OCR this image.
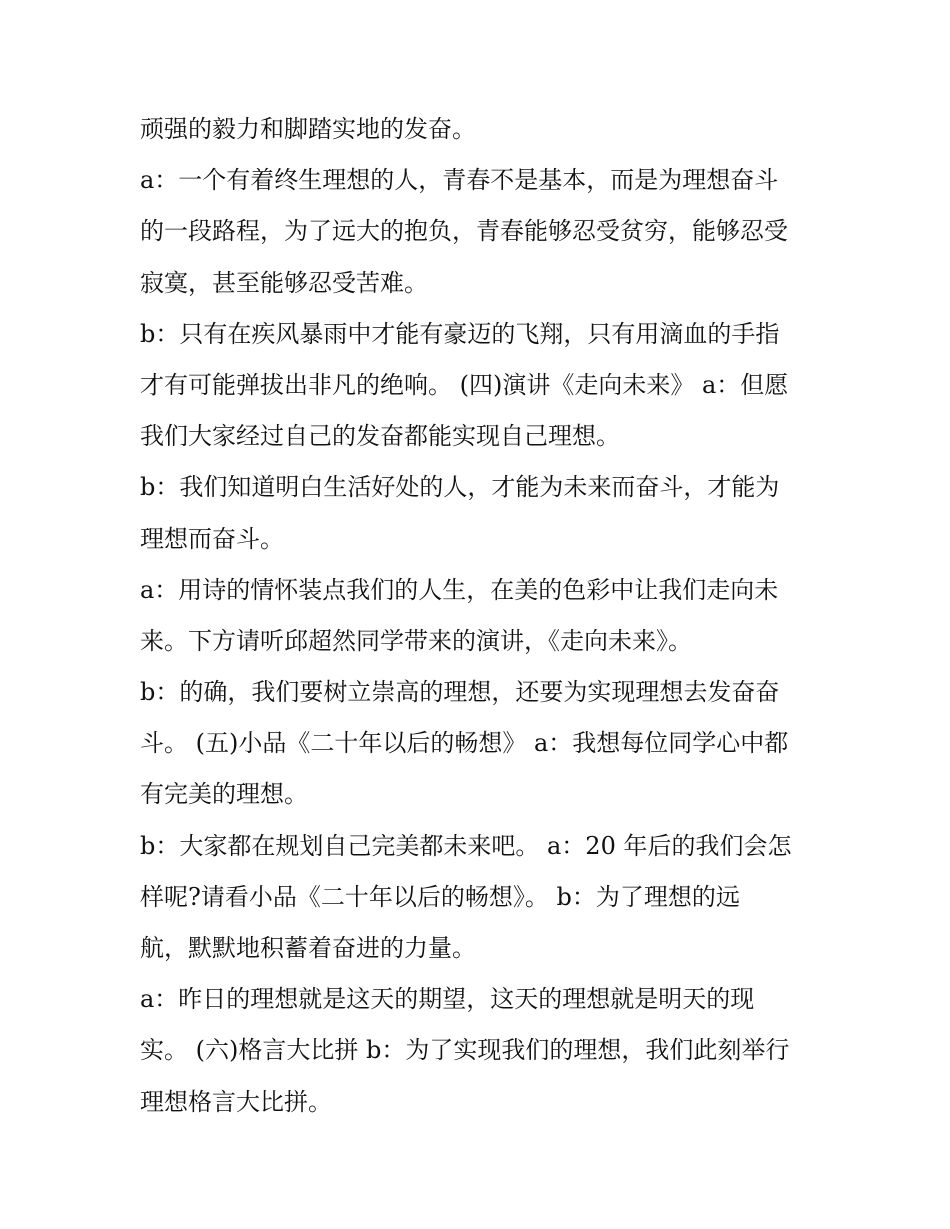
顽强的毅力和脚踏实地的发奋。
a：一个有着终生理想的人，青春不是基本，而是为理想奋斗
的一段路程，为了远大的抱负，青春能够忍受贫穷，能够忍受
寂寞，甚至能够忍受苦难。
b：只有在疾风暴雨中才能有豪迈的飞翔，只有用滴血的手指
才有可能弹拔出非凡的绝响。 (四)演讲《走向未来》 a：但愿
我们大家经过自己的发奋都能实现自己理想。
b：我们知道明白生活好处的人，才能为未来而奋斗，才能为
理想而奋斗。
a：用诗的情怀装点我们的人生，在美的色彩中让我们走向未
来。下方请听邱超然同学带来的演讲，《走向未来》。
b：的确，我们要树立崇高的理想，还要为实现理想去发奋奋
斗。 (五)小品《二十年以后的畅想》 a：我想每位同学心中都
有完美的理想。
b：大家都在规划自己完美都未来吧。 a：20 年后的我们会怎
样呢?请看小品《二十年以后的畅想》。 b：为了理想的远
航，默默地积蓄着奋进的力量。
a：昨日的理想就是这天的期望，这天的理想就是明天的现
实。 (六)格言大比拼 b：为了实现我们的理想，我们此刻举行
理想格言大比拼。
